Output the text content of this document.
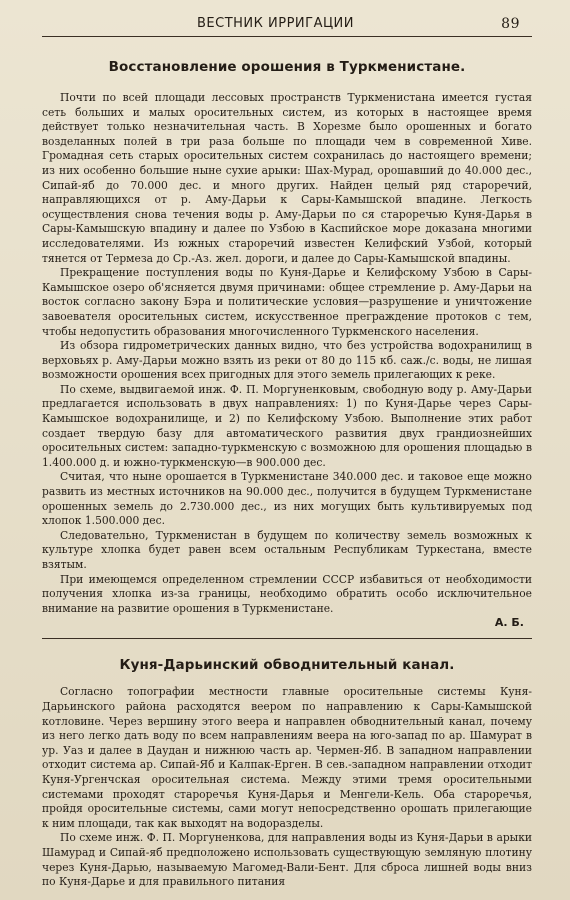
ВЕСТНИК ИРРИГАЦИИ	89
Восстановление орошения в Туркменистане.

Почти по всей площади лессовых пространств Туркменистана имеется густая сеть больших и малых оросительных систем, из которых в настоящее время действует только незначительная часть. В Хорезме было орошенных и богато возделанных полей в три раза больше по площади чем в современной Хиве. Громадная сеть старых оросительных систем сохранилась до настоящего времени; из них особенно большие ныне сухие арыки: Шах-Мурад, орошавший до 40.000 дес., Сипай-яб до 70.000 дес. и много других. Найден целый ряд староречий, направляющихся от р. Аму-Дарьи к Сары-Камышской впадине. Легкость осуществления снова течения воды р. Аму-Дарьи по ся староречью Куня-Дарья в Сары-Камышскую впадину и далее по Узбою в Каспийское море доказана многими исследователями. Из южных староречий известен Келифский Узбой, который тянется от Термеза до Ср.-Аз. жел. дороги, и далее до Сары-Камышской впадины.

Прекращение поступления воды по Куня-Дарье и Келифскому Узбою в Сары-Камышское озеро об'ясняется двумя причинами: общее стремление р. Аму-Дарьи на восток согласно закону Бэра и политические условия—разрушение и уничтожение завоевателя оросительных систем, искусственное преграждение протоков с тем, чтобы недопустить образования многочисленного Туркменского населения.

Из обзора гидрометрических данных видно, что без устройства водохранилищ в верховьях р. Аму-Дарьи можно взять из реки от 80 до 115 кб. саж./с. воды, не лишая возможности орошения всех пригодных для этого земель прилегающих к реке.

По схеме, выдвигаемой инж. Ф. П. Моргуненковым, свободную воду р. Аму-Дарьи предлагается использовать в двух направлениях: 1) по Куня-Дарье через Сары-Камышское водохранилище, и 2) по Келифскому Узбою. Выполнение этих работ создает твердую базу для автоматического развития двух грандиознейших оросительных систем: западно-туркменскую с возможною для орошения площадью в 1.400.000 д. и южно-туркменскую—в 900.000 дес.

Считая, что ныне орошается в Туркменистане 340.000 дес. и таковое еще можно развить из местных источников на 90.000 дес., получится в будущем Туркменистане орошенных земель до 2.730.000 дес., из них могущих быть культивируемых под хлопок 1.500.000 дес.

Следовательно, Туркменистан в будущем по количеству земель возможных к культуре хлопка будет равен всем остальным Республикам Туркестана, вместе взятым.

При имеющемся определенном стремлении СССР избавиться от необходимости получения хлопка из-за границы, необходимо обратить особо исключительное внимание на развитие орошения в Туркменистане.

А. Б.
Куня-Дарьинский обводнительный канал.

Согласно топографии местности главные оросительные системы Куня-Дарьинского района расходятся веером по направлению к Сары-Камышской котловине. Через вершину этого веера и направлен обводнительный канал, почему из него легко дать воду по всем направлениям веера на юго-запад по ар. Шамурат в ур. Уаз и далее в Даудан и нижнюю часть ар. Чермен-Яб. В западном направлении отходит система ар. Сипай-Яб и Калпак-Ерген. В сев.-западном направлении отходит Куня-Ургенчская оросительная система. Между этими тремя оросительными системами проходят староречья Куня-Дарья и Менгели-Кель. Оба староречья, пройдя оросительные системы, сами могут непосредственно орошать прилегающие к ним площади, так как выходят на водоразделы.

По схеме инж. Ф. П. Моргуненкова, для направления воды из Куня-Дарьи в арыки Шамурад и Сипай-яб предположено использовать существующую земляную плотину через Куня-Дарью, называемую Магомед-Вали-Бент. Для сброса лишней воды вниз по Куня-Дарье и для правильного питания
